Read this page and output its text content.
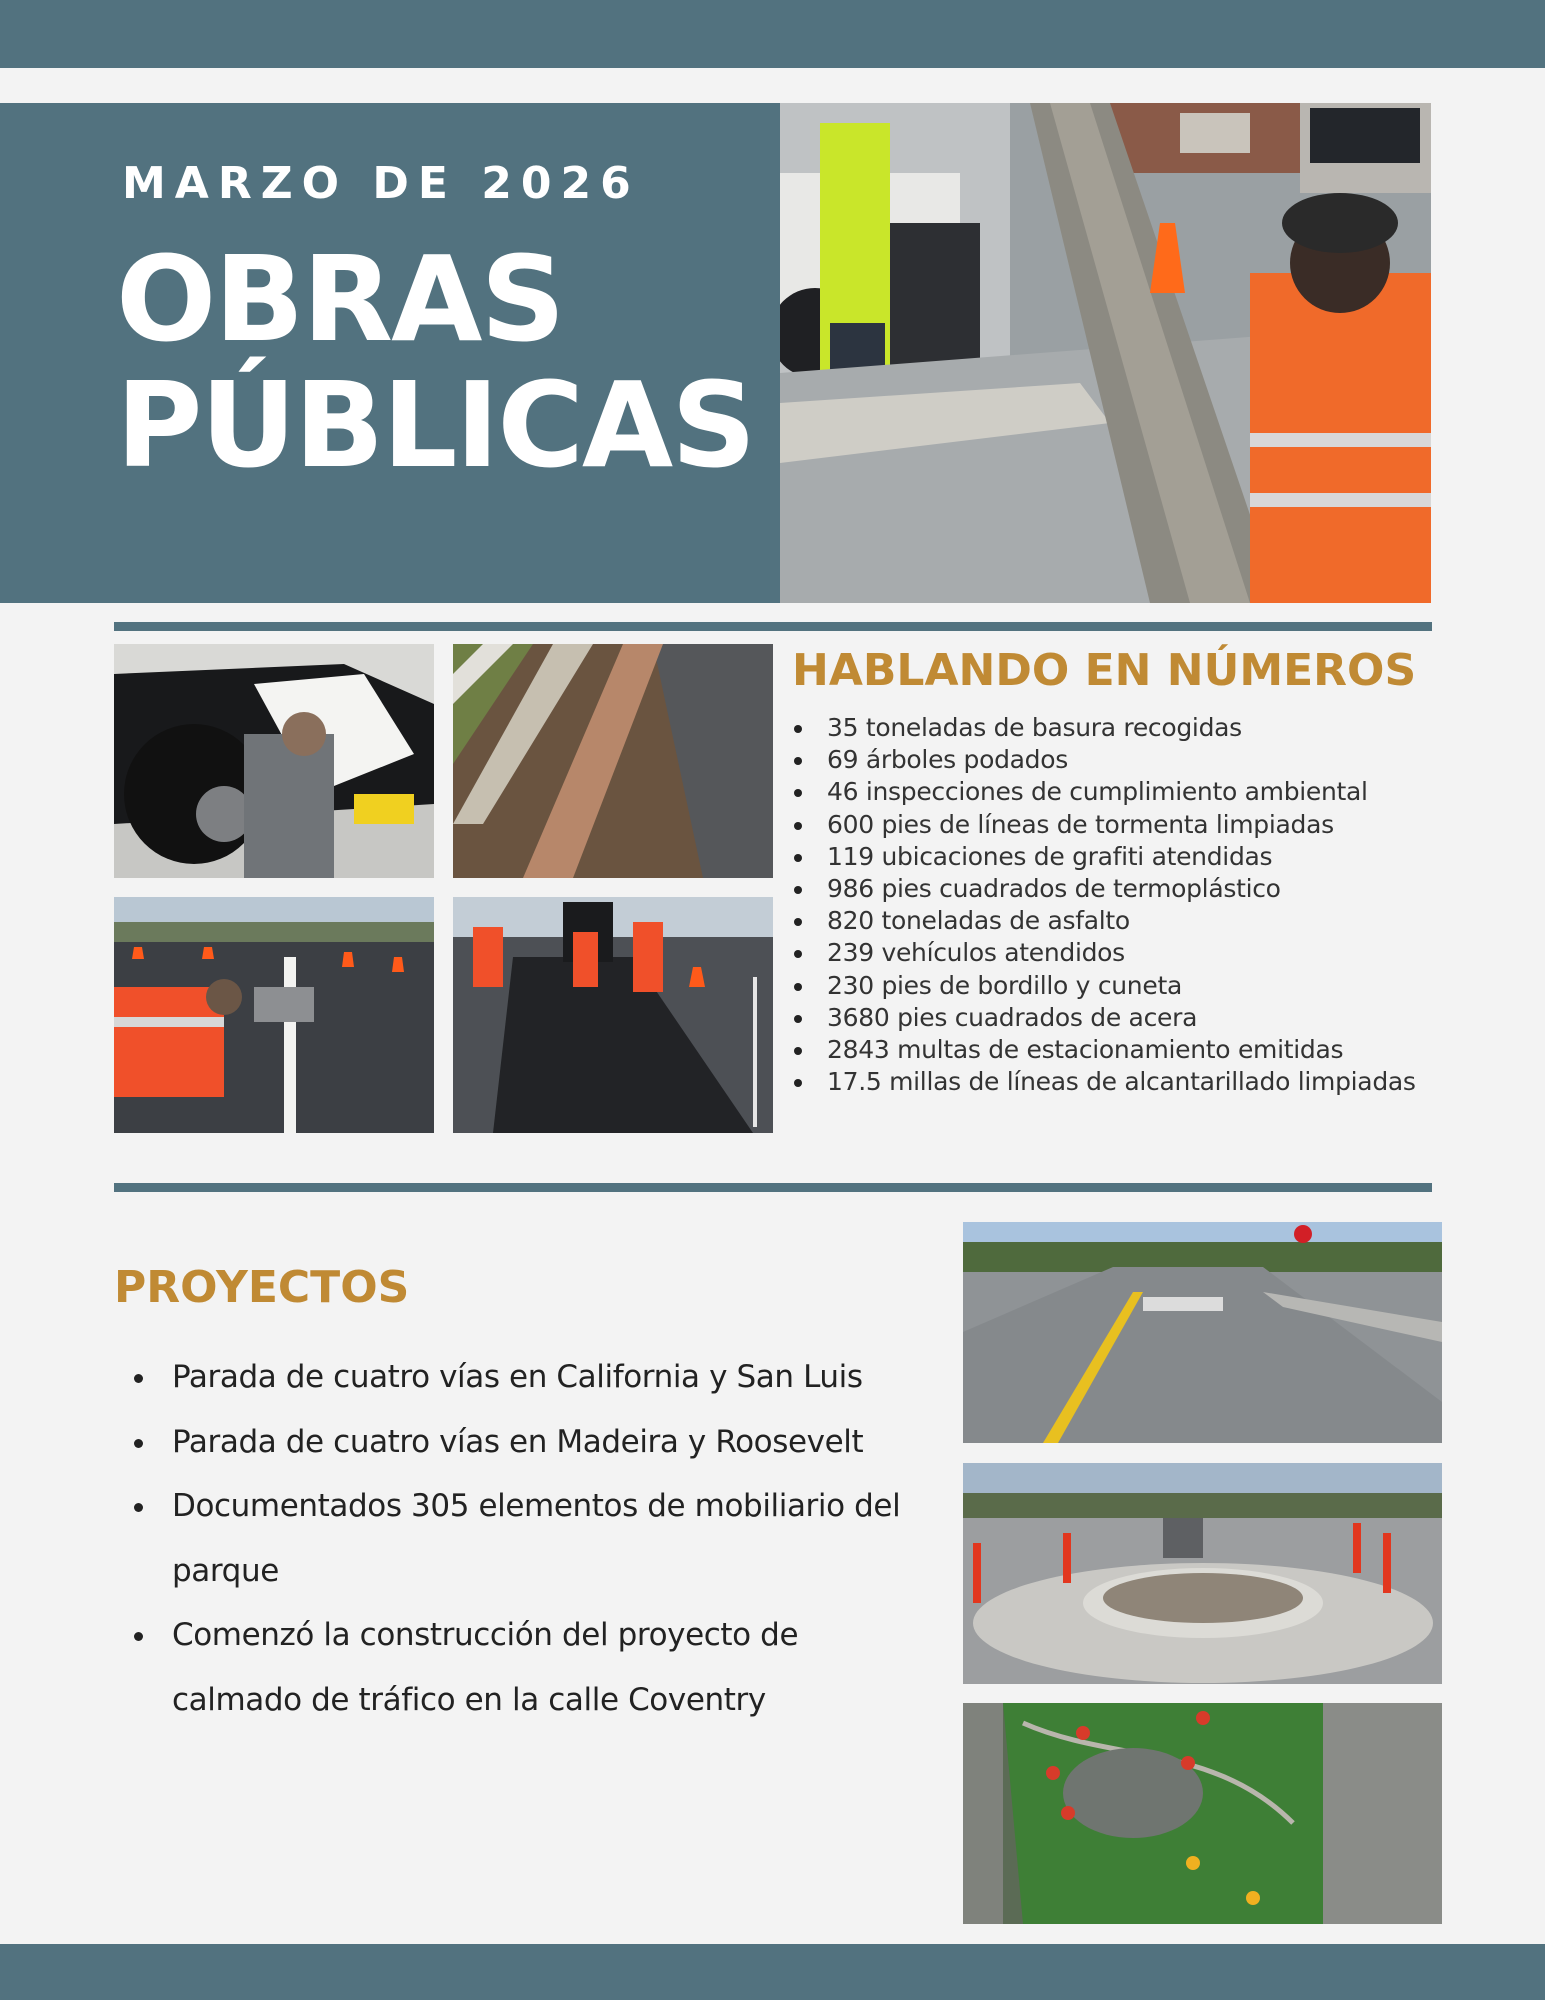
MARZO DE 2026
OBRAS
PÚBLICAS
HABLANDO EN NÚMEROS
35 toneladas de basura recogidas
69 árboles podados
46 inspecciones de cumplimiento ambiental
600 pies de líneas de tormenta limpiadas
119 ubicaciones de grafiti atendidas
986 pies cuadrados de termoplástico
820 toneladas de asfalto
239 vehículos atendidos
230 pies de bordillo y cuneta
3680 pies cuadrados de acera
2843 multas de estacionamiento emitidas
17.5 millas de líneas de alcantarillado limpiadas
PROYECTOS
Parada de cuatro vías en California y San Luis
Parada de cuatro vías en Madeira y Roosevelt
Documentados 305 elementos de mobiliario del parque
Comenzó la construcción del proyecto de calmado de tráfico en la calle Coventry
